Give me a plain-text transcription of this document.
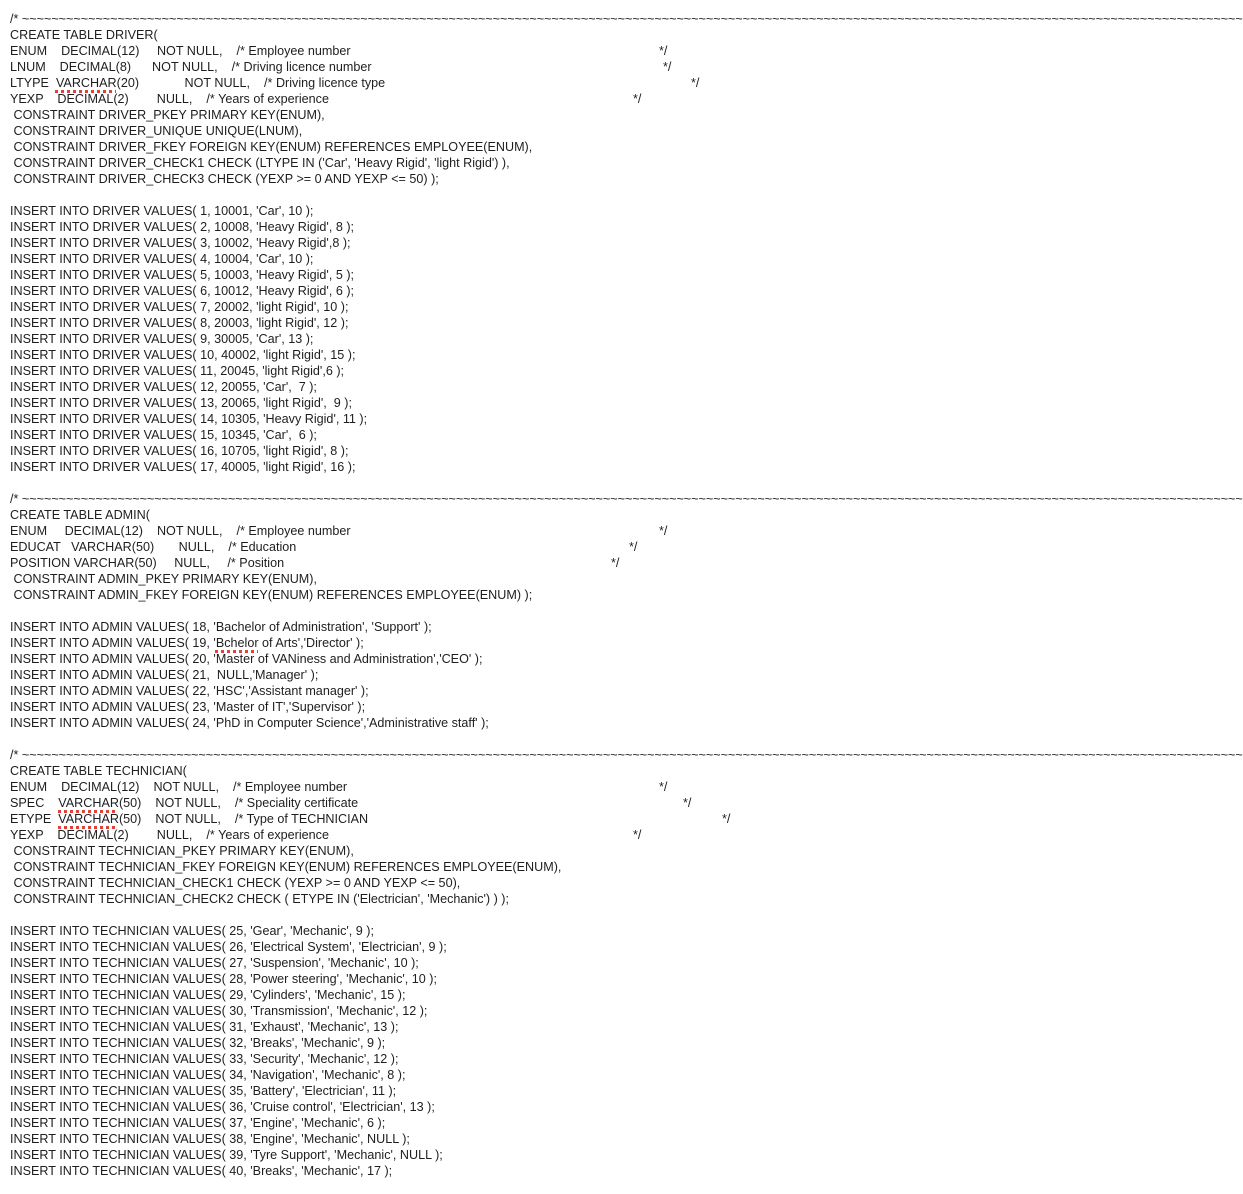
/* ~~~~~~~~~~~~~~~~~~~~~~~~~~~~~~~~~~~~~~~~~~~~~~~~~~~~~~~~~~~~~~~~~~~~~~~~~~~~~~~~~~~~~~~~~~~~~~~~~~~~~~~~~~~~~~~~~~~~~~~~~~~~~~~~~~~~~~~~~~~~~~~~~~~~~~~~~~~~~~~~~~~~~~
CREATE TABLE DRIVER(

ENUM    DECIMAL(12)     NOT NULL,    /* Employee number

	*/

LNUM    DECIMAL(8)      NOT NULL,    /* Driving licence number

	*/

LTYPE  VARCHAR(20)             NOT NULL,    /* Driving licence type

	*/

YEXP    DECIMAL(2)        NULL,    /* Years of experience

	*/

CONSTRAINT DRIVER_PKEY PRIMARY KEY(ENUM),
CONSTRAINT DRIVER_UNIQUE UNIQUE(LNUM),
CONSTRAINT DRIVER_FKEY FOREIGN KEY(ENUM) REFERENCES EMPLOYEE(ENUM),
CONSTRAINT DRIVER_CHECK1 CHECK (LTYPE IN ('Car', 'Heavy Rigid', 'light Rigid') ),
CONSTRAINT DRIVER_CHECK3 CHECK (YEXP >= 0 AND YEXP <= 50) );
INSERT INTO DRIVER VALUES( 1, 10001, 'Car', 10 );
INSERT INTO DRIVER VALUES( 2, 10008, 'Heavy Rigid', 8 );
INSERT INTO DRIVER VALUES( 3, 10002, 'Heavy Rigid',8 );
INSERT INTO DRIVER VALUES( 4, 10004, 'Car', 10 );
INSERT INTO DRIVER VALUES( 5, 10003, 'Heavy Rigid', 5 );
INSERT INTO DRIVER VALUES( 6, 10012, 'Heavy Rigid', 6 );
INSERT INTO DRIVER VALUES( 7, 20002, 'light Rigid', 10 );
INSERT INTO DRIVER VALUES( 8, 20003, 'light Rigid', 12 );
INSERT INTO DRIVER VALUES( 9, 30005, 'Car', 13 );
INSERT INTO DRIVER VALUES( 10, 40002, 'light Rigid', 15 );
INSERT INTO DRIVER VALUES( 11, 20045, 'light Rigid',6 );
INSERT INTO DRIVER VALUES( 12, 20055, 'Car',  7 );
INSERT INTO DRIVER VALUES( 13, 20065, 'light Rigid',  9 );
INSERT INTO DRIVER VALUES( 14, 10305, 'Heavy Rigid', 11 );
INSERT INTO DRIVER VALUES( 15, 10345, 'Car',  6 );
INSERT INTO DRIVER VALUES( 16, 10705, 'light Rigid', 8 );
INSERT INTO DRIVER VALUES( 17, 40005, 'light Rigid', 16 );
/* ~~~~~~~~~~~~~~~~~~~~~~~~~~~~~~~~~~~~~~~~~~~~~~~~~~~~~~~~~~~~~~~~~~~~~~~~~~~~~~~~~~~~~~~~~~~~~~~~~~~~~~~~~~~~~~~~~~~~~~~~~~~~~~~~~~~~~~~~~~~~~~~~~~~~~~~~~~~~~~~~~~~~~~
CREATE TABLE ADMIN(

ENUM     DECIMAL(12)    NOT NULL,    /* Employee number

	*/

EDUCAT   VARCHAR(50)       NULL,    /* Education

	*/

POSITION VARCHAR(50)     NULL,     /* Position

	*/

CONSTRAINT ADMIN_PKEY PRIMARY KEY(ENUM),
CONSTRAINT ADMIN_FKEY FOREIGN KEY(ENUM) REFERENCES EMPLOYEE(ENUM) );
INSERT INTO ADMIN VALUES( 18, 'Bachelor of Administration', 'Support' );
INSERT INTO ADMIN VALUES( 19, 'Bchelor of Arts','Director' );
INSERT INTO ADMIN VALUES( 20, 'Master of VANiness and Administration','CEO' );
INSERT INTO ADMIN VALUES( 21,  NULL,'Manager' );
INSERT INTO ADMIN VALUES( 22, 'HSC','Assistant manager' );
INSERT INTO ADMIN VALUES( 23, 'Master of IT','Supervisor' );
INSERT INTO ADMIN VALUES( 24, 'PhD in Computer Science','Administrative staff' );
/* ~~~~~~~~~~~~~~~~~~~~~~~~~~~~~~~~~~~~~~~~~~~~~~~~~~~~~~~~~~~~~~~~~~~~~~~~~~~~~~~~~~~~~~~~~~~~~~~~~~~~~~~~~~~~~~~~~~~~~~~~~~~~~~~~~~~~~~~~~~~~~~~~~~~~~~~~~~~~~~~~~~~~~~
CREATE TABLE TECHNICIAN(

ENUM    DECIMAL(12)    NOT NULL,    /* Employee number

	*/

SPEC    VARCHAR(50)    NOT NULL,    /* Speciality certificate

	*/

ETYPE  VARCHAR(50)    NOT NULL,    /* Type of TECHNICIAN

	*/

YEXP    DECIMAL(2)        NULL,    /* Years of experience

	*/

CONSTRAINT TECHNICIAN_PKEY PRIMARY KEY(ENUM),
CONSTRAINT TECHNICIAN_FKEY FOREIGN KEY(ENUM) REFERENCES EMPLOYEE(ENUM),
CONSTRAINT TECHNICIAN_CHECK1 CHECK (YEXP >= 0 AND YEXP <= 50),
CONSTRAINT TECHNICIAN_CHECK2 CHECK ( ETYPE IN ('Electrician', 'Mechanic') ) );
INSERT INTO TECHNICIAN VALUES( 25, 'Gear', 'Mechanic', 9 );
INSERT INTO TECHNICIAN VALUES( 26, 'Electrical System', 'Electrician', 9 );
INSERT INTO TECHNICIAN VALUES( 27, 'Suspension', 'Mechanic', 10 );
INSERT INTO TECHNICIAN VALUES( 28, 'Power steering', 'Mechanic', 10 );
INSERT INTO TECHNICIAN VALUES( 29, 'Cylinders', 'Mechanic', 15 );
INSERT INTO TECHNICIAN VALUES( 30, 'Transmission', 'Mechanic', 12 );
INSERT INTO TECHNICIAN VALUES( 31, 'Exhaust', 'Mechanic', 13 );
INSERT INTO TECHNICIAN VALUES( 32, 'Breaks', 'Mechanic', 9 );
INSERT INTO TECHNICIAN VALUES( 33, 'Security', 'Mechanic', 12 );
INSERT INTO TECHNICIAN VALUES( 34, 'Navigation', 'Mechanic', 8 );
INSERT INTO TECHNICIAN VALUES( 35, 'Battery', 'Electrician', 11 );
INSERT INTO TECHNICIAN VALUES( 36, 'Cruise control', 'Electrician', 13 );
INSERT INTO TECHNICIAN VALUES( 37, 'Engine', 'Mechanic', 6 );
INSERT INTO TECHNICIAN VALUES( 38, 'Engine', 'Mechanic', NULL );
INSERT INTO TECHNICIAN VALUES( 39, 'Tyre Support', 'Mechanic', NULL );
INSERT INTO TECHNICIAN VALUES( 40, 'Breaks', 'Mechanic', 17 );
